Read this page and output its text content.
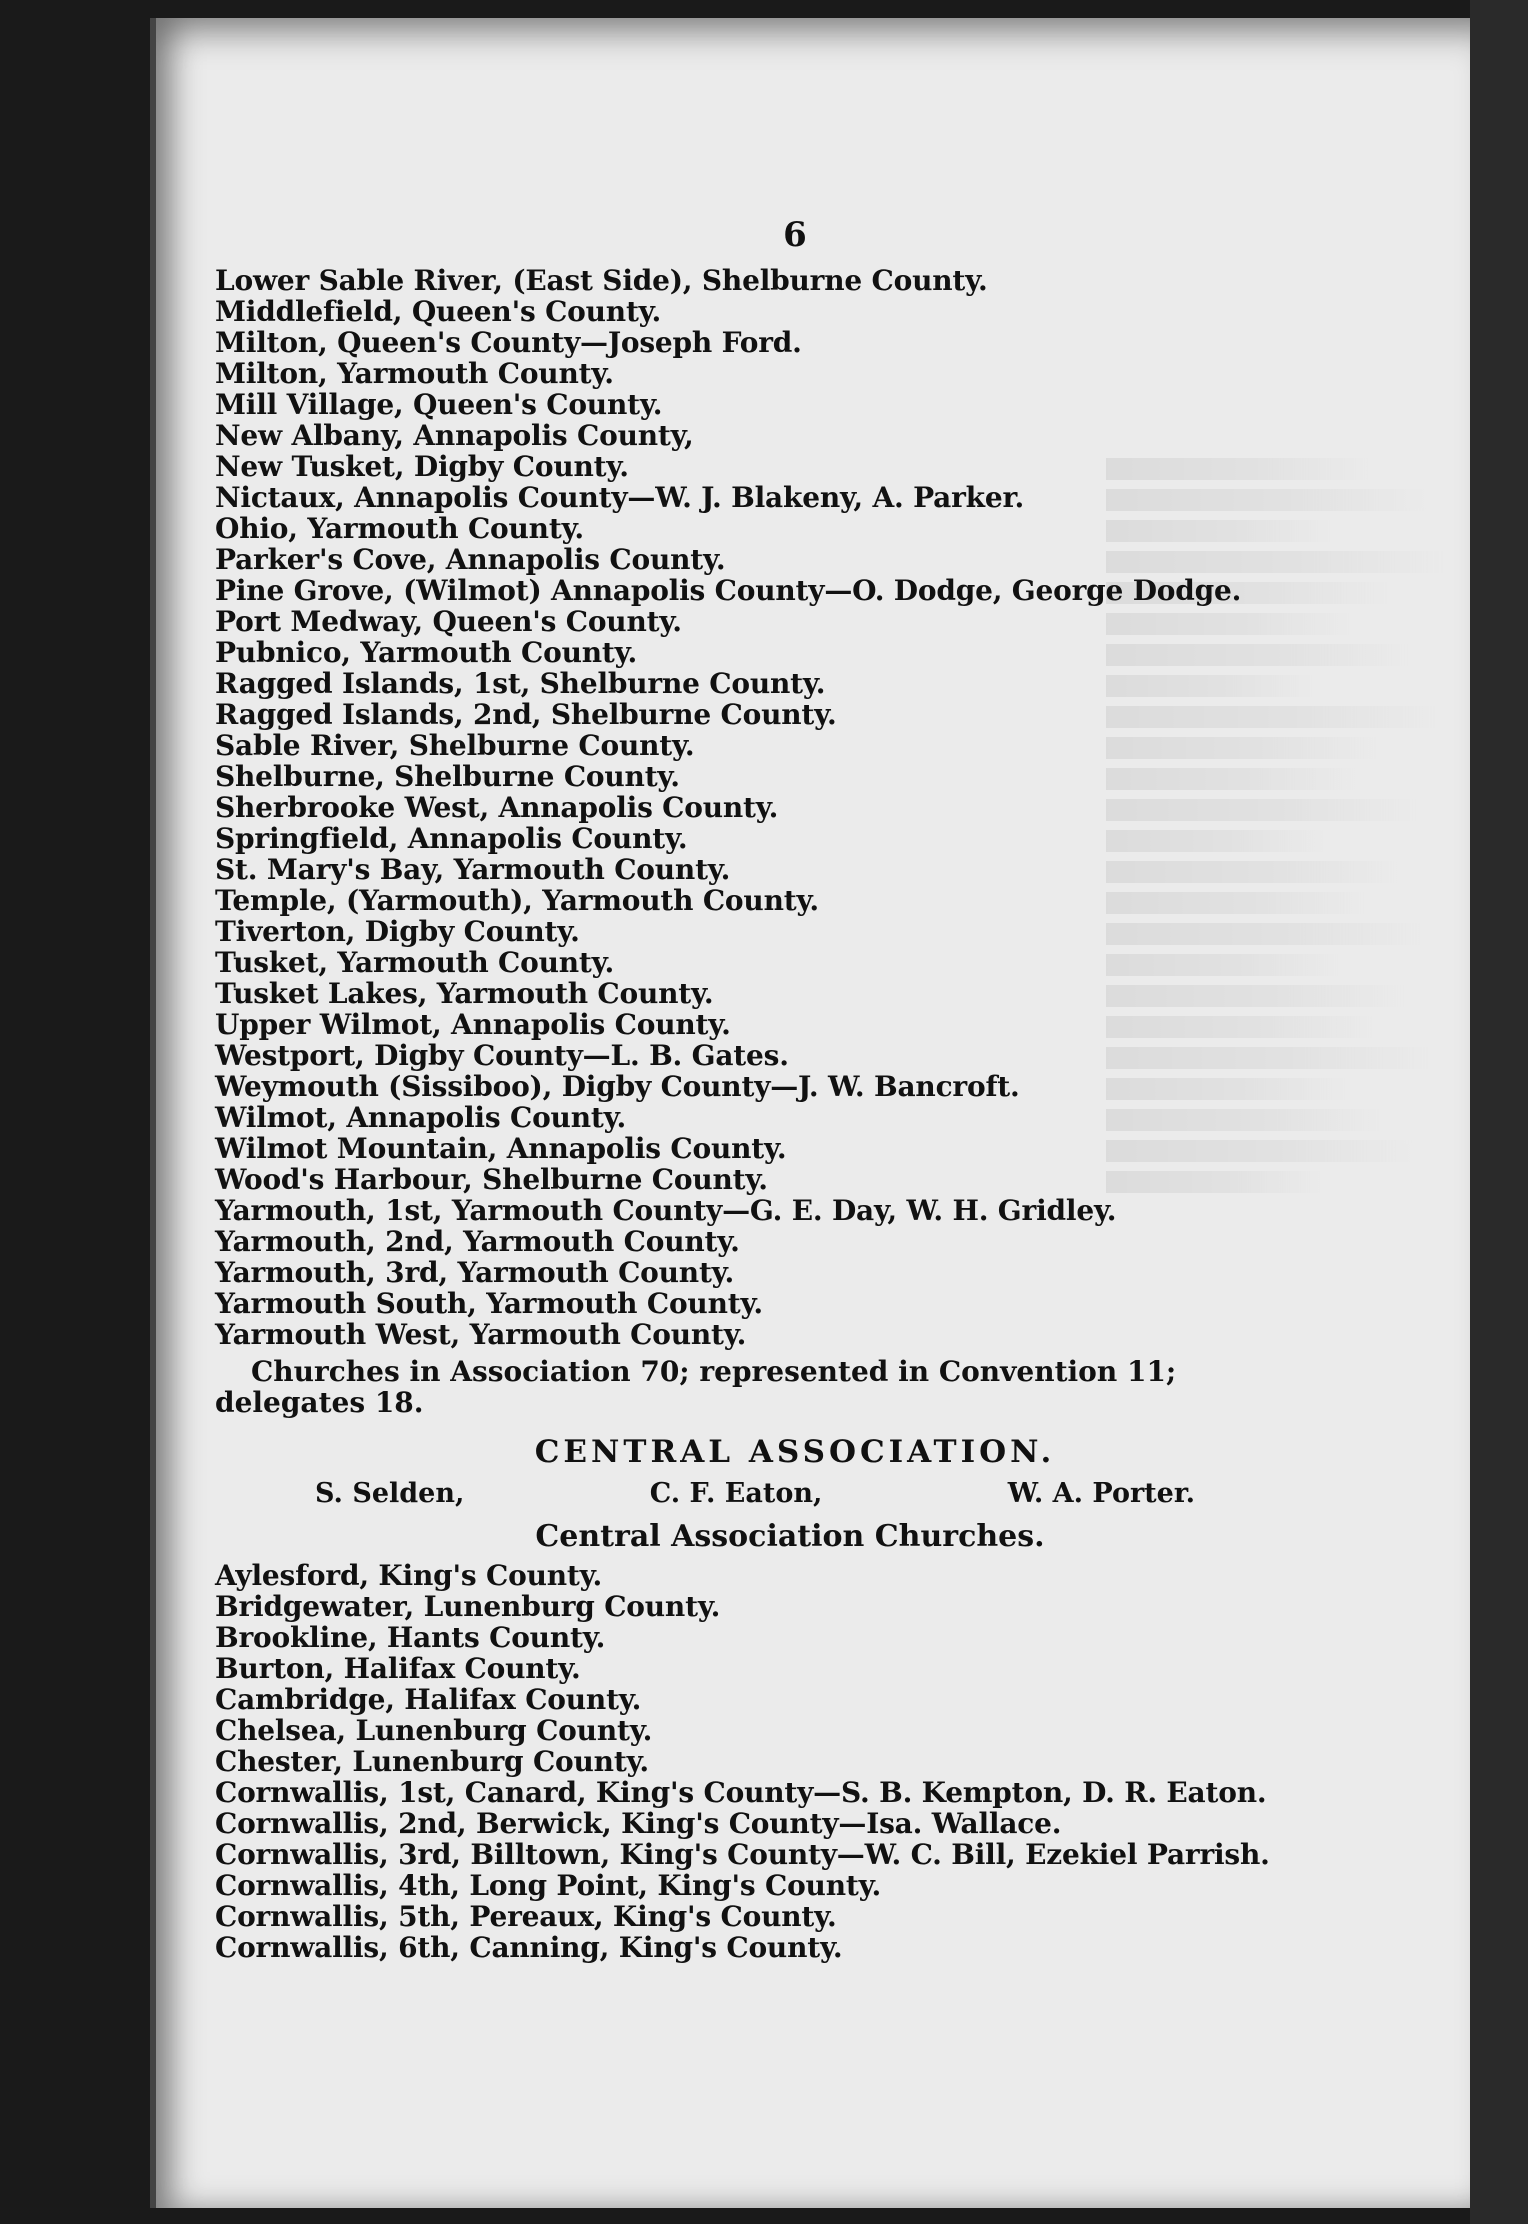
6
Lower Sable River, (East Side), Shelburne County.
Middlefield, Queen's County.
Milton, Queen's County—Joseph Ford.
Milton, Yarmouth County.
Mill Village, Queen's County.
New Albany, Annapolis County,
New Tusket, Digby County.
Nictaux, Annapolis County—W. J. Blakeny, A. Parker.
Ohio, Yarmouth County.
Parker's Cove, Annapolis County.
Pine Grove, (Wilmot) Annapolis County—O. Dodge, George Dodge.
Port Medway, Queen's County.
Pubnico, Yarmouth County.
Ragged Islands, 1st, Shelburne County.
Ragged Islands, 2nd, Shelburne County.
Sable River, Shelburne County.
Shelburne, Shelburne County.
Sherbrooke West, Annapolis County.
Springfield, Annapolis County.
St. Mary's Bay, Yarmouth County.
Temple, (Yarmouth), Yarmouth County.
Tiverton, Digby County.
Tusket, Yarmouth County.
Tusket Lakes, Yarmouth County.
Upper Wilmot, Annapolis County.
Westport, Digby County—L. B. Gates.
Weymouth (Sissiboo), Digby County—J. W. Bancroft.
Wilmot, Annapolis County.
Wilmot Mountain, Annapolis County.
Wood's Harbour, Shelburne County.
Yarmouth, 1st, Yarmouth County—G. E. Day, W. H. Gridley.
Yarmouth, 2nd, Yarmouth County.
Yarmouth, 3rd, Yarmouth County.
Yarmouth South, Yarmouth County.
Yarmouth West, Yarmouth County.
Churches in Association 70; represented in Convention 11; delegates 18.
CENTRAL ASSOCIATION.
S. Selden,	C. F. Eaton,	W. A. Porter.
Central Association Churches.
Aylesford, King's County.
Bridgewater, Lunenburg County.
Brookline, Hants County.
Burton, Halifax County.
Cambridge, Halifax County.
Chelsea, Lunenburg County.
Chester, Lunenburg County.
Cornwallis, 1st, Canard, King's County—S. B. Kempton, D. R. Eaton.
Cornwallis, 2nd, Berwick, King's County—Isa. Wallace.
Cornwallis, 3rd, Billtown, King's County—W. C. Bill, Ezekiel Parrish.
Cornwallis, 4th, Long Point, King's County.
Cornwallis, 5th, Pereaux, King's County.
Cornwallis, 6th, Canning, King's County.
